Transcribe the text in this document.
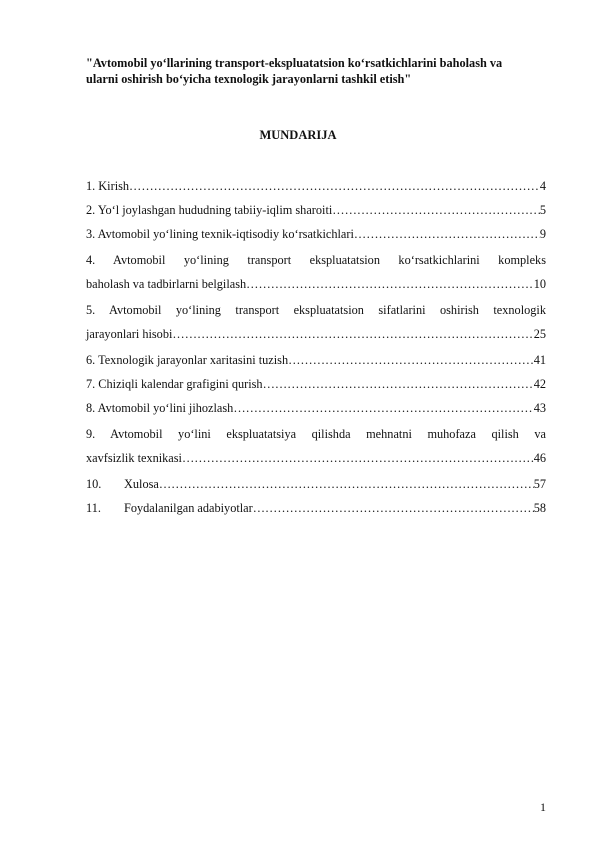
"Avtomobil yo‘llarining transport-ekspluatatsion ko‘rsatkichlarini baholash va ularni oshirish bo‘yicha texnologik jarayonlarni tashkil etish"
MUNDARIJA
1. Kirish ………………………………………………………………………………………………	4
2. Yo‘l joylashgan hududning tabiiy-iqlim sharoiti ………………………………………………………………………………………………	5
3. Avtomobil yo‘lining texnik-iqtisodiy ko‘rsatkichlari ………………………………………………………………………………………………	9
4. Avtomobil yo‘lining transport ekspluatatsion ko‘rsatkichlarini kompleks
baholash va tadbirlarni belgilash ………………………………………………………………………………………………	10
5. Avtomobil yo‘lining transport ekspluatatsion sifatlarini oshirish texnologik
jarayonlari hisobi ………………………………………………………………………………………………	25
6. Texnologik jarayonlar xaritasini tuzish ………………………………………………………………………………………………	41
7. Chiziqli kalendar grafigini qurish ………………………………………………………………………………………………	42
8. Avtomobil yo‘lini jihozlash ………………………………………………………………………………………………	43
9. Avtomobil yo‘lini ekspluatatsiya qilishda mehnatni muhofaza qilish va
xavfsizlik texnikasi ………………………………………………………………………………………………	46
10.	Xulosa ………………………………………………………………………………………………	57
11.	Foydalanilgan adabiyotlar ………………………………………………………………………………………………	58
1
